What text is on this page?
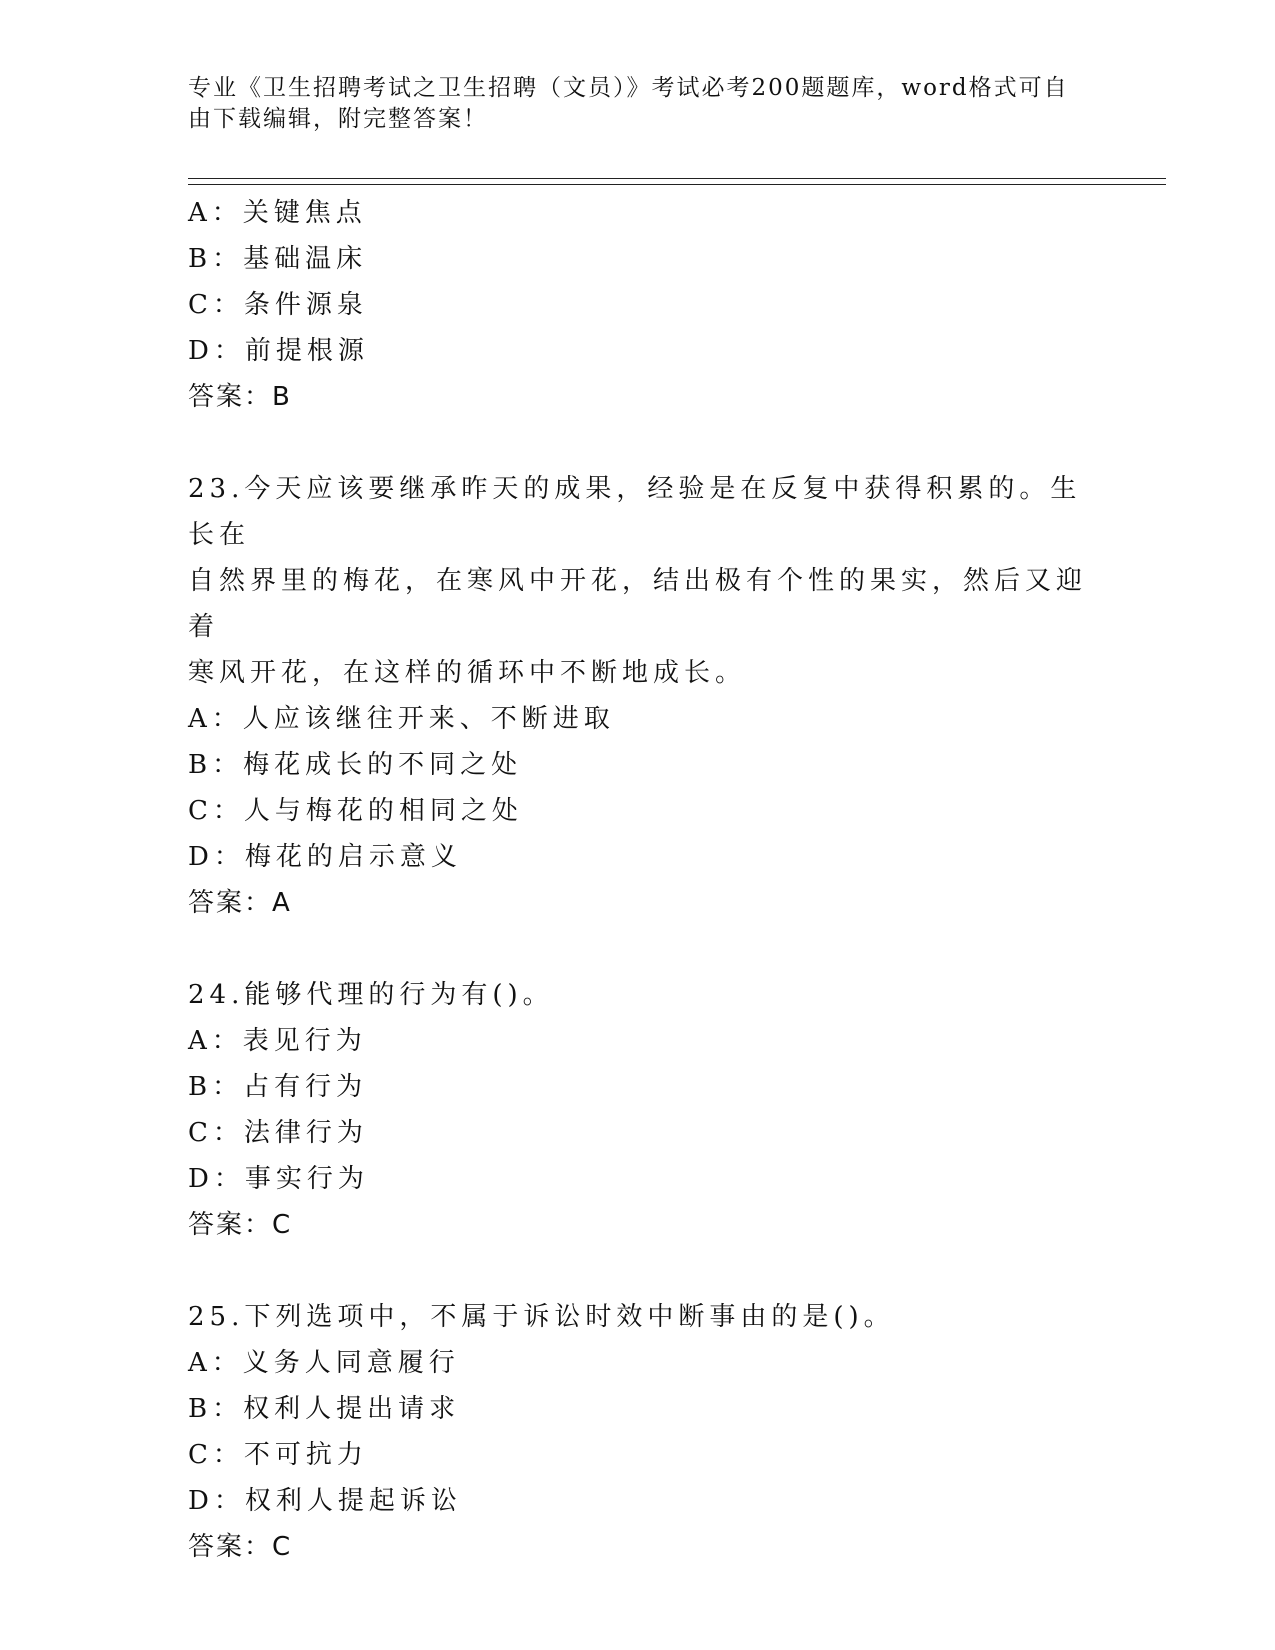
专业《卫生招聘考试之卫生招聘（文员）》考试必考200题题库，word格式可自由下载编辑，附完整答案！
A：关键焦点
B：基础温床
C：条件源泉
D：前提根源
答案：B
23.今天应该要继承昨天的成果，经验是在反复中获得积累的。生长在
自然界里的梅花，在寒风中开花，结出极有个性的果实，然后又迎着
寒风开花，在这样的循环中不断地成长。
A：人应该继往开来、不断进取
B：梅花成长的不同之处
C：人与梅花的相同之处
D：梅花的启示意义
答案：A
24.能够代理的行为有()。
A：表见行为
B：占有行为
C：法律行为
D：事实行为
答案：C
25.下列选项中，不属于诉讼时效中断事由的是()。
A：义务人同意履行
B：权利人提出请求
C：不可抗力
D：权利人提起诉讼
答案：C
